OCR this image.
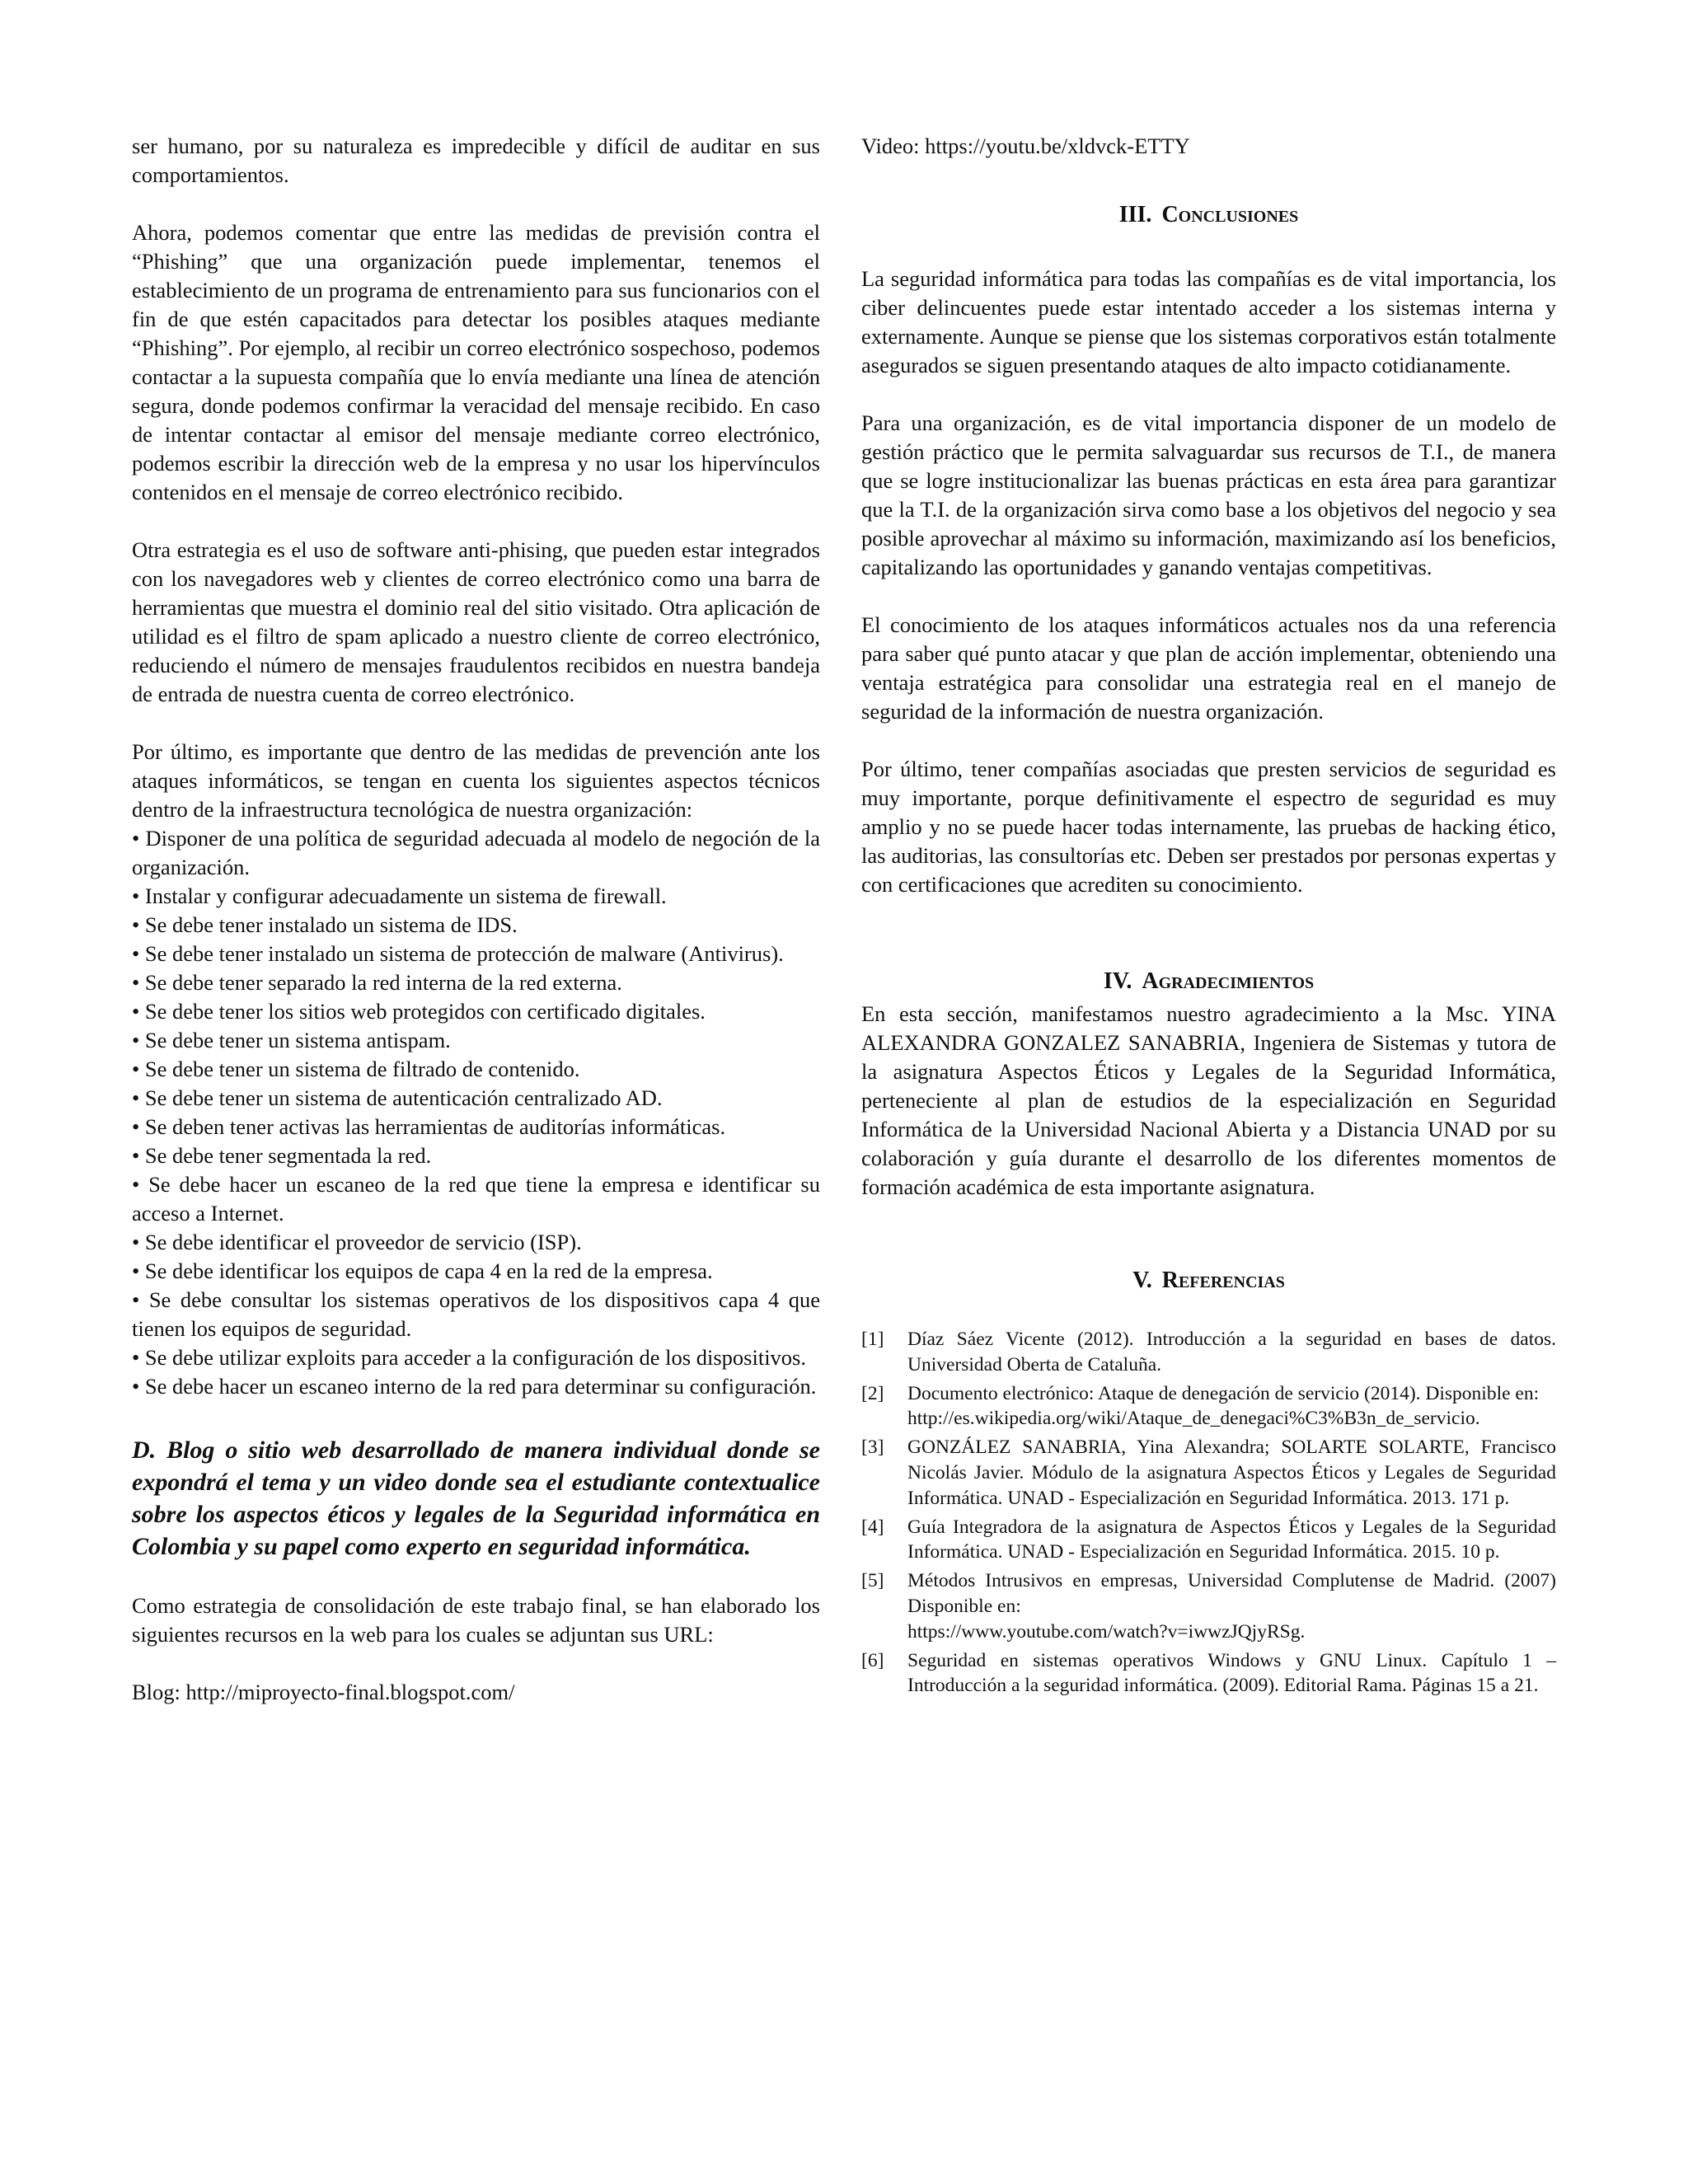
ser humano, por su naturaleza es impredecible y difícil de auditar en sus comportamientos.

Ahora, podemos comentar que entre las medidas de previsión contra el “Phishing” que una organización puede implementar, tenemos el establecimiento de un programa de entrenamiento para sus funcionarios con el fin de que estén capacitados para detectar los posibles ataques mediante “Phishing”. Por ejemplo, al recibir un correo electrónico sospechoso, podemos contactar a la supuesta compañía que lo envía mediante una línea de atención segura, donde podemos confirmar la veracidad del mensaje recibido. En caso de intentar contactar al emisor del mensaje mediante correo electrónico, podemos escribir la dirección web de la empresa y no usar los hipervínculos contenidos en el mensaje de correo electrónico recibido.

Otra estrategia es el uso de software anti-phising, que pueden estar integrados con los navegadores web y clientes de correo electrónico como una barra de herramientas que muestra el dominio real del sitio visitado. Otra aplicación de utilidad es el filtro de spam aplicado a nuestro cliente de correo electrónico, reduciendo el número de mensajes fraudulentos recibidos en nuestra bandeja de entrada de nuestra cuenta de correo electrónico.

Por último, es importante que dentro de las medidas de prevención ante los ataques informáticos, se tengan en cuenta los siguientes aspectos técnicos dentro de la infraestructura tecnológica de nuestra organización:

• Disponer de una política de seguridad adecuada al modelo de negoción de la organización.
• Instalar y configurar adecuadamente un sistema de firewall.
• Se debe tener instalado un sistema de IDS.
• Se debe tener instalado un sistema de protección de malware (Antivirus).
• Se debe tener separado la red interna de la red externa.
• Se debe tener los sitios web protegidos con certificado digitales.
• Se debe tener un sistema antispam.
• Se debe tener un sistema de filtrado de contenido.
• Se debe tener un sistema de autenticación centralizado AD.
• Se deben tener activas las herramientas de auditorías informáticas.
• Se debe tener segmentada la red.
• Se debe hacer un escaneo de la red que tiene la empresa e identificar su acceso a Internet.
• Se debe identificar el proveedor de servicio (ISP).
• Se debe identificar los equipos de capa 4 en la red de la empresa.
• Se debe consultar los sistemas operativos de los dispositivos capa 4 que tienen los equipos de seguridad.
• Se debe utilizar exploits para acceder a la configuración de los dispositivos.
• Se debe hacer un escaneo interno de la red para determinar su configuración.

D. Blog o sitio web desarrollado de manera individual donde se expondrá el tema y un video donde sea el estudiante contextualice sobre los aspectos éticos y legales de la Seguridad informática en Colombia y su papel como experto en seguridad informática.

Como estrategia de consolidación de este trabajo final, se han elaborado los siguientes recursos en la web para los cuales se adjuntan sus URL:

Blog: http://miproyecto-final.blogspot.com/

Video: https://youtu.be/xldvck-ETTY

III. Conclusiones

La seguridad informática para todas las compañías es de vital importancia, los ciber delincuentes puede estar intentado acceder a los sistemas interna y externamente. Aunque se piense que los sistemas corporativos están totalmente asegurados se siguen presentando ataques de alto impacto cotidianamente.

Para una organización, es de vital importancia disponer de un modelo de gestión práctico que le permita salvaguardar sus recursos de T.I., de manera que se logre institucionalizar las buenas prácticas en esta área para garantizar que la T.I. de la organización sirva como base a los objetivos del negocio y sea posible aprovechar al máximo su información, maximizando así los beneficios, capitalizando las oportunidades y ganando ventajas competitivas.

El conocimiento de los ataques informáticos actuales nos da una referencia para saber qué punto atacar y que plan de acción implementar, obteniendo una ventaja estratégica para consolidar una estrategia real en el manejo de seguridad de la información de nuestra organización.

Por último, tener compañías asociadas que presten servicios de seguridad es muy importante, porque definitivamente el espectro de seguridad es muy amplio y no se puede hacer todas internamente, las pruebas de hacking ético, las auditorias, las consultorías etc. Deben ser prestados por personas expertas y con certificaciones que acrediten su conocimiento.

IV. Agradecimientos

En esta sección, manifestamos nuestro agradecimiento a la Msc. YINA ALEXANDRA GONZALEZ SANABRIA, Ingeniera de Sistemas y tutora de la asignatura Aspectos Éticos y Legales de la Seguridad Informática, perteneciente al plan de estudios de la especialización en Seguridad Informática de la Universidad Nacional Abierta y a Distancia UNAD por su colaboración y guía durante el desarrollo de los diferentes momentos de formación académica de esta importante asignatura.

V. Referencias
[1] Díaz Sáez Vicente (2012). Introducción a la seguridad en bases de datos. Universidad Oberta de Cataluña.
[2] Documento electrónico: Ataque de denegación de servicio (2014). Disponible en:
http://es.wikipedia.org/wiki/Ataque_de_denegaci%C3%B3n_de_servicio.
[3] GONZÁLEZ SANABRIA, Yina Alexandra; SOLARTE SOLARTE, Francisco Nicolás Javier. Módulo de la asignatura Aspectos Éticos y Legales de Seguridad Informática. UNAD - Especialización en Seguridad Informática. 2013. 171 p.
[4] Guía Integradora de la asignatura de Aspectos Éticos y Legales de la Seguridad Informática. UNAD - Especialización en Seguridad Informática. 2015. 10 p.
[5] Métodos Intrusivos en empresas, Universidad Complutense de Madrid. (2007) Disponible en:
https://www.youtube.com/watch?v=iwwzJQjyRSg.
[6] Seguridad en sistemas operativos Windows y GNU Linux. Capítulo 1 – Introducción a la seguridad informática. (2009). Editorial Rama. Páginas 15 a 21.
